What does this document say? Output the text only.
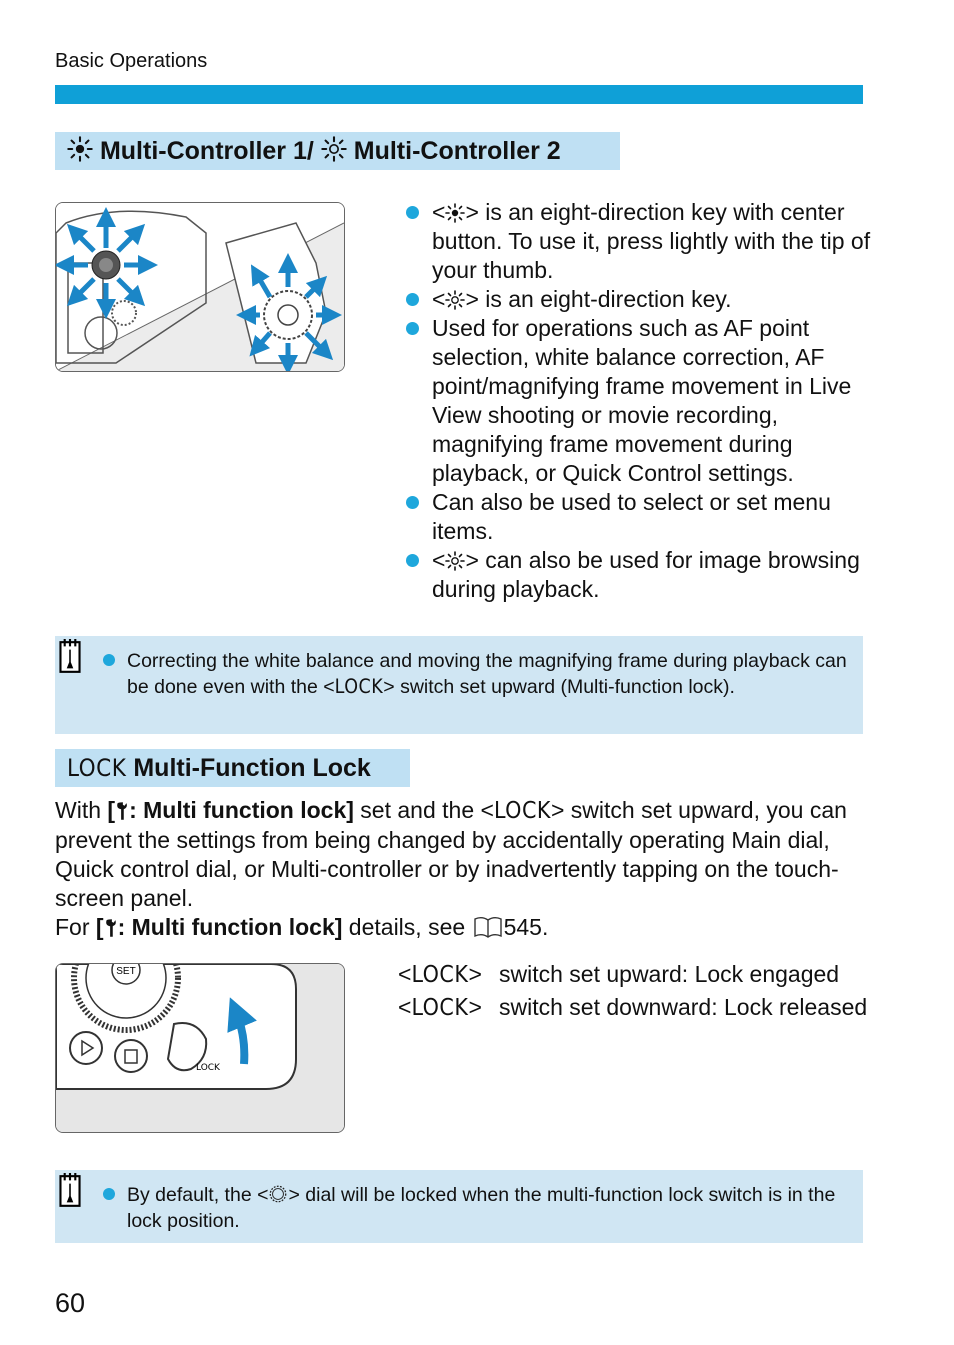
Basic Operations
Multi-Controller 1/ Multi-Controller 2
< > is an eight-direction key with center button. To use it, press lightly with the tip of your thumb.
< > is an eight-direction key.
Used for operations such as AF point selection, white balance correction, AF point/magnifying frame movement in Live View shooting or movie recording, magnifying frame movement during playback, or Quick Control settings.
Can also be used to select or set menu items.
< > can also be used for image browsing during playback.
Correcting the white balance and moving the magnifying frame during playback can be done even with the <LOCK> switch set upward (Multi-function lock).
LOCK Multi-Function Lock

With [ : Multi function lock] set and the <LOCK> switch set upward, you can prevent the settings from being changed by accidentally operating Main dial, Quick control dial, or Multi-controller or by inadvertently tapping on the touch-screen panel.

For [ : Multi function lock] details, see 545.

SET
LOCK
<LOCK> switch set upward: Lock engaged
<LOCK> switch set downward: Lock released
By default, the < > dial will be locked when the multi-function lock switch is in the lock position.
60
